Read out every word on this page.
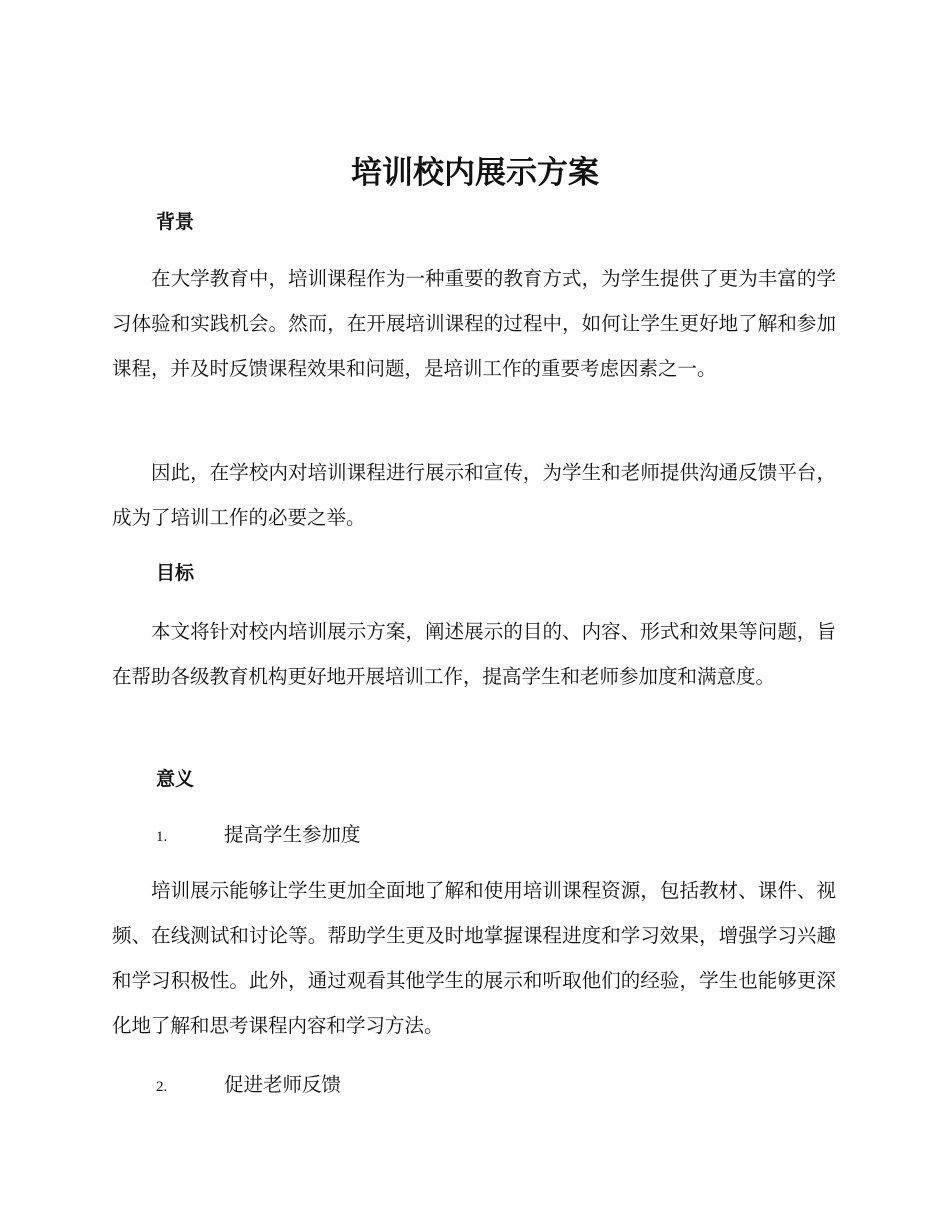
培训校内展示方案
背景

在大学教育中，培训课程作为一种重要的教育方式，为学生提供了更为丰富的学习体验和实践机会。然而，在开展培训课程的过程中，如何让学生更好地了解和参加课程，并及时反馈课程效果和问题，是培训工作的重要考虑因素之一。

因此，在学校内对培训课程进行展示和宣传，为学生和老师提供沟通反馈平台，成为了培训工作的必要之举。

目标

本文将针对校内培训展示方案，阐述展示的目的、内容、形式和效果等问题，旨在帮助各级教育机构更好地开展培训工作，提高学生和老师参加度和满意度。

意义
1.	提高学生参加度

培训展示能够让学生更加全面地了解和使用培训课程资源，包括教材、课件、视频、在线测试和讨论等。帮助学生更及时地掌握课程进度和学习效果，增强学习兴趣和学习积极性。此外，通过观看其他学生的展示和听取他们的经验，学生也能够更深化地了解和思考课程内容和学习方法。

2.	促进老师反馈
